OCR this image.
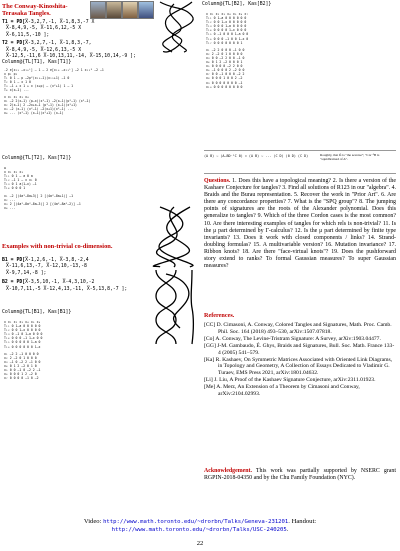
The Conway-Kinoshita-Terasaka Tangles.
T1 = PD[X̅-3,2,7,-1, X̅-1,8,3,-7 X
X̅-8,4,9,-5, X̅-11,6,12,-5 X
X̅-6,11,5,-10 ];
T2 = PD[X̅-3,2,7,-1, X̅-1,8,3,-7,
X̅-8,4,9,-5, X̅-12,6,13,-5 X
X̅-12,5,-11,6 X̅-10,13,11,-14, X̅-15,10,14,-9 ];
Column@{TL[T1], Kas[T1]}
-2 e[x₁₅ –x₁₆ᴸ] – 1 – 2 e[x₁₆ –x₁₅ᴸ] –2 1 x₁₂³ –2 –1
x p₁ p₂
T₁ 0 1 – p –2p²(x₁₅–1)(x₁₅+1) –1 0
T₂ 0 1 – x 1 0
T₃ –1 + x 1 + x (x+p) – (x²+1) 1 – 1
T₄ x(x–1) ...
x x₁ x₂ x₃ x₄
x₁ –2 2(x–1) (p–x)(x²–1) –2(x–1)(p²–1) (x²–1)
x₂ 2(x–1) 2 –2x+x–1 (p²–1) (x–1)(x²+1)
x₃ –2 (x–1) (x²–1) –2(x+1)(x²–1) ...
x₄ ... (x²–1) (x–1)(x²+1) (x–1)
Column@{TL[T2], Kas[T2]}
w
x x₁ x₂ x₃
T₁₁ 0 1 – a 0 a
T₁₂ –1 1 – x x₁ 0
T₁₃ 0 1 a(1–x) –1
T₁₄ 0 0 0 1
x₁ –2 [(4a²–8a+3)] 2 [(4a²–8a+1)] –1
x₂ ...
x₃ 2 [(4a²–8a²–8a–3)] 2 [(4a²–8a²–2)] –1
x₄ ...
Examples with non-trivial co-dimension.
B1 = PD[X̅-1,2,6,-1, X̅-3,8,-2,4
X̅-11,6,13,-7, X̅-12,10,-13,-8
X̅-9,7,14,-8 ];
B2 = PD[X̅-3,5,10,-1, X̅-4,3,10,-2
X̅-10,7,11,-5 X̅-12,4,13,-11, X̅-5,13,8,-7 ];
Column@{TL[B1], Kas[B1]}
x x₁ x₂ x₃ x₄ x₅ x₆
T₁₁ 0 1–a 0 0 0 0 0
T₁₂ 0 0 1–x 0 0 0 0
T₁₃ 0 –1 0 1–a 0 0 0
T₁₄ 0 0 0 –1 1–x 0 0
T₁₅ 0 0 0 0 0 1–a 0
T₁₆ 0 0 0 0 0 0 1–x
x₁ –2 2 –1 0 0 0 0
x₂ 2 –2 0 1 0 0 0
x₃ –1 0 –2 2 –1 0 0
x₄ 0 1 2 –2 0 1 0
x₅ 0 0 –1 0 –2 2 –1
x₆ 0 0 0 1 2 –2 0
x₇ 0 0 0 0 –1 0 –2
Column@{TL[B2], Kas[B2]}
x x₁ x₂ x₃ x₄ x₅ x₆ x₇
T₁₁ 0 1–a 0 0 0 0 0 0
T₁₂ 0 0 1–x 0 0 0 0 0
T₁₃ 0 0 0 1–a 0 0 0 0
T₁₄ 0 0 0 0 1–x 0 0 0
T₁₅ 0 –1 0 0 0 1–a 0 0
T₁₆ 0 0 0 –1 0 0 1–x 0
T₁₇ 0 0 0 0 0 0 0 1
x₁ –2 2 0 0 0 –1 0 0
x₂ 2 –2 0 1 0 0 0 0
x₃ 0 0 –2 2 0 0 –1 0
x₄ 0 1 2 –2 0 0 0 1
x₅ 0 0 0 0 –2 2 0 0
x₆ –1 0 0 0 2 –2 0 0
x₇ 0 0 –1 0 0 0 –2 2
x₈ 0 0 0 1 0 0 2 –2
x₉ 0 0 0 0 0 0 0 –1
x₁₀ 0 0 0 0 0 0 0 0
(A B) ∼ (A–BD⁻¹C 0) = (A B) ∼ ... (C D) (0 D) (C D)	Roughly, that K̃ is "the severse"; "CA⁻¹B is "squidbrained of A".
Questions. 1. Does this have a topological meaning? 2. Is there a version of the Kashaev Conjecture for tangles? 3. Find all solutions of R123 in our "algebra". 4. Braids and the Burau representation. 5. Recover the work in "Prior Art". 6. Are there any concordance properties? 7. What is the "SPQ group"? 8. The jumping points of signatures are the roots of the Alexander polynomial. Does this generalize to tangles? 9. Which of the three Cordon cases is the most common? 10. Are there interesting examples of tangles for which rels is non-trivial? 11. Is the μ part determined by Γ-calculus? 12. Is the μ part determined by finite type invariants? 13. Does it work with closed components / links? 14. Strand-doubling formulas? 15. A multivariable version? 16. Mutation invariance? 17. Ribbon knots? 18. Are there "face-virtual knots"? 19. Does the pushforward story extend to ranks? To formal Gaussian measures? To super Gaussian measures?
References.

[CC] D. Cimasoni, A. Conway, Colored Tangles and Signatures, Math. Proc. Camb. Phil. Soc. 164 (2018) 493–530, arXiv:1507.07818.

[Co] A. Conway, The Levine-Tristram Signature: A Survey, arXiv:1903.04477.

[GG] J-M. Gambaudo, É. Ghys, Braids and Signatures, Bull. Soc. Math. France 133-4 (2005) 541–579.

[Ka] R. Kashaev, On Symmetric Matrices Associated with Oriented Link Diagrams, in Topology and Geometry, A Collection of Essays Dedicated to Vladimir G. Turaev, EMS Press 2021, arXiv:1801.04632.

[Li] J. Liu, A Proof of the Kashaev Signature Conjecture, arXiv:2311.01923.

[Me] A. Merz, An Extension of a Theorem by Cimasoni and Conway, arXiv:2104.02993.

Acknowledgement. This work was partially supported by NSERC grant RGPIN-2018-04350 and by the Chu Family Foundation (NYC).
Video: http://www.math.toronto.edu/~drorbn/Talks/Geneva-231201. Handout:
http://www.math.toronto.edu/~drorbn/Talks/USC-240205.
22
